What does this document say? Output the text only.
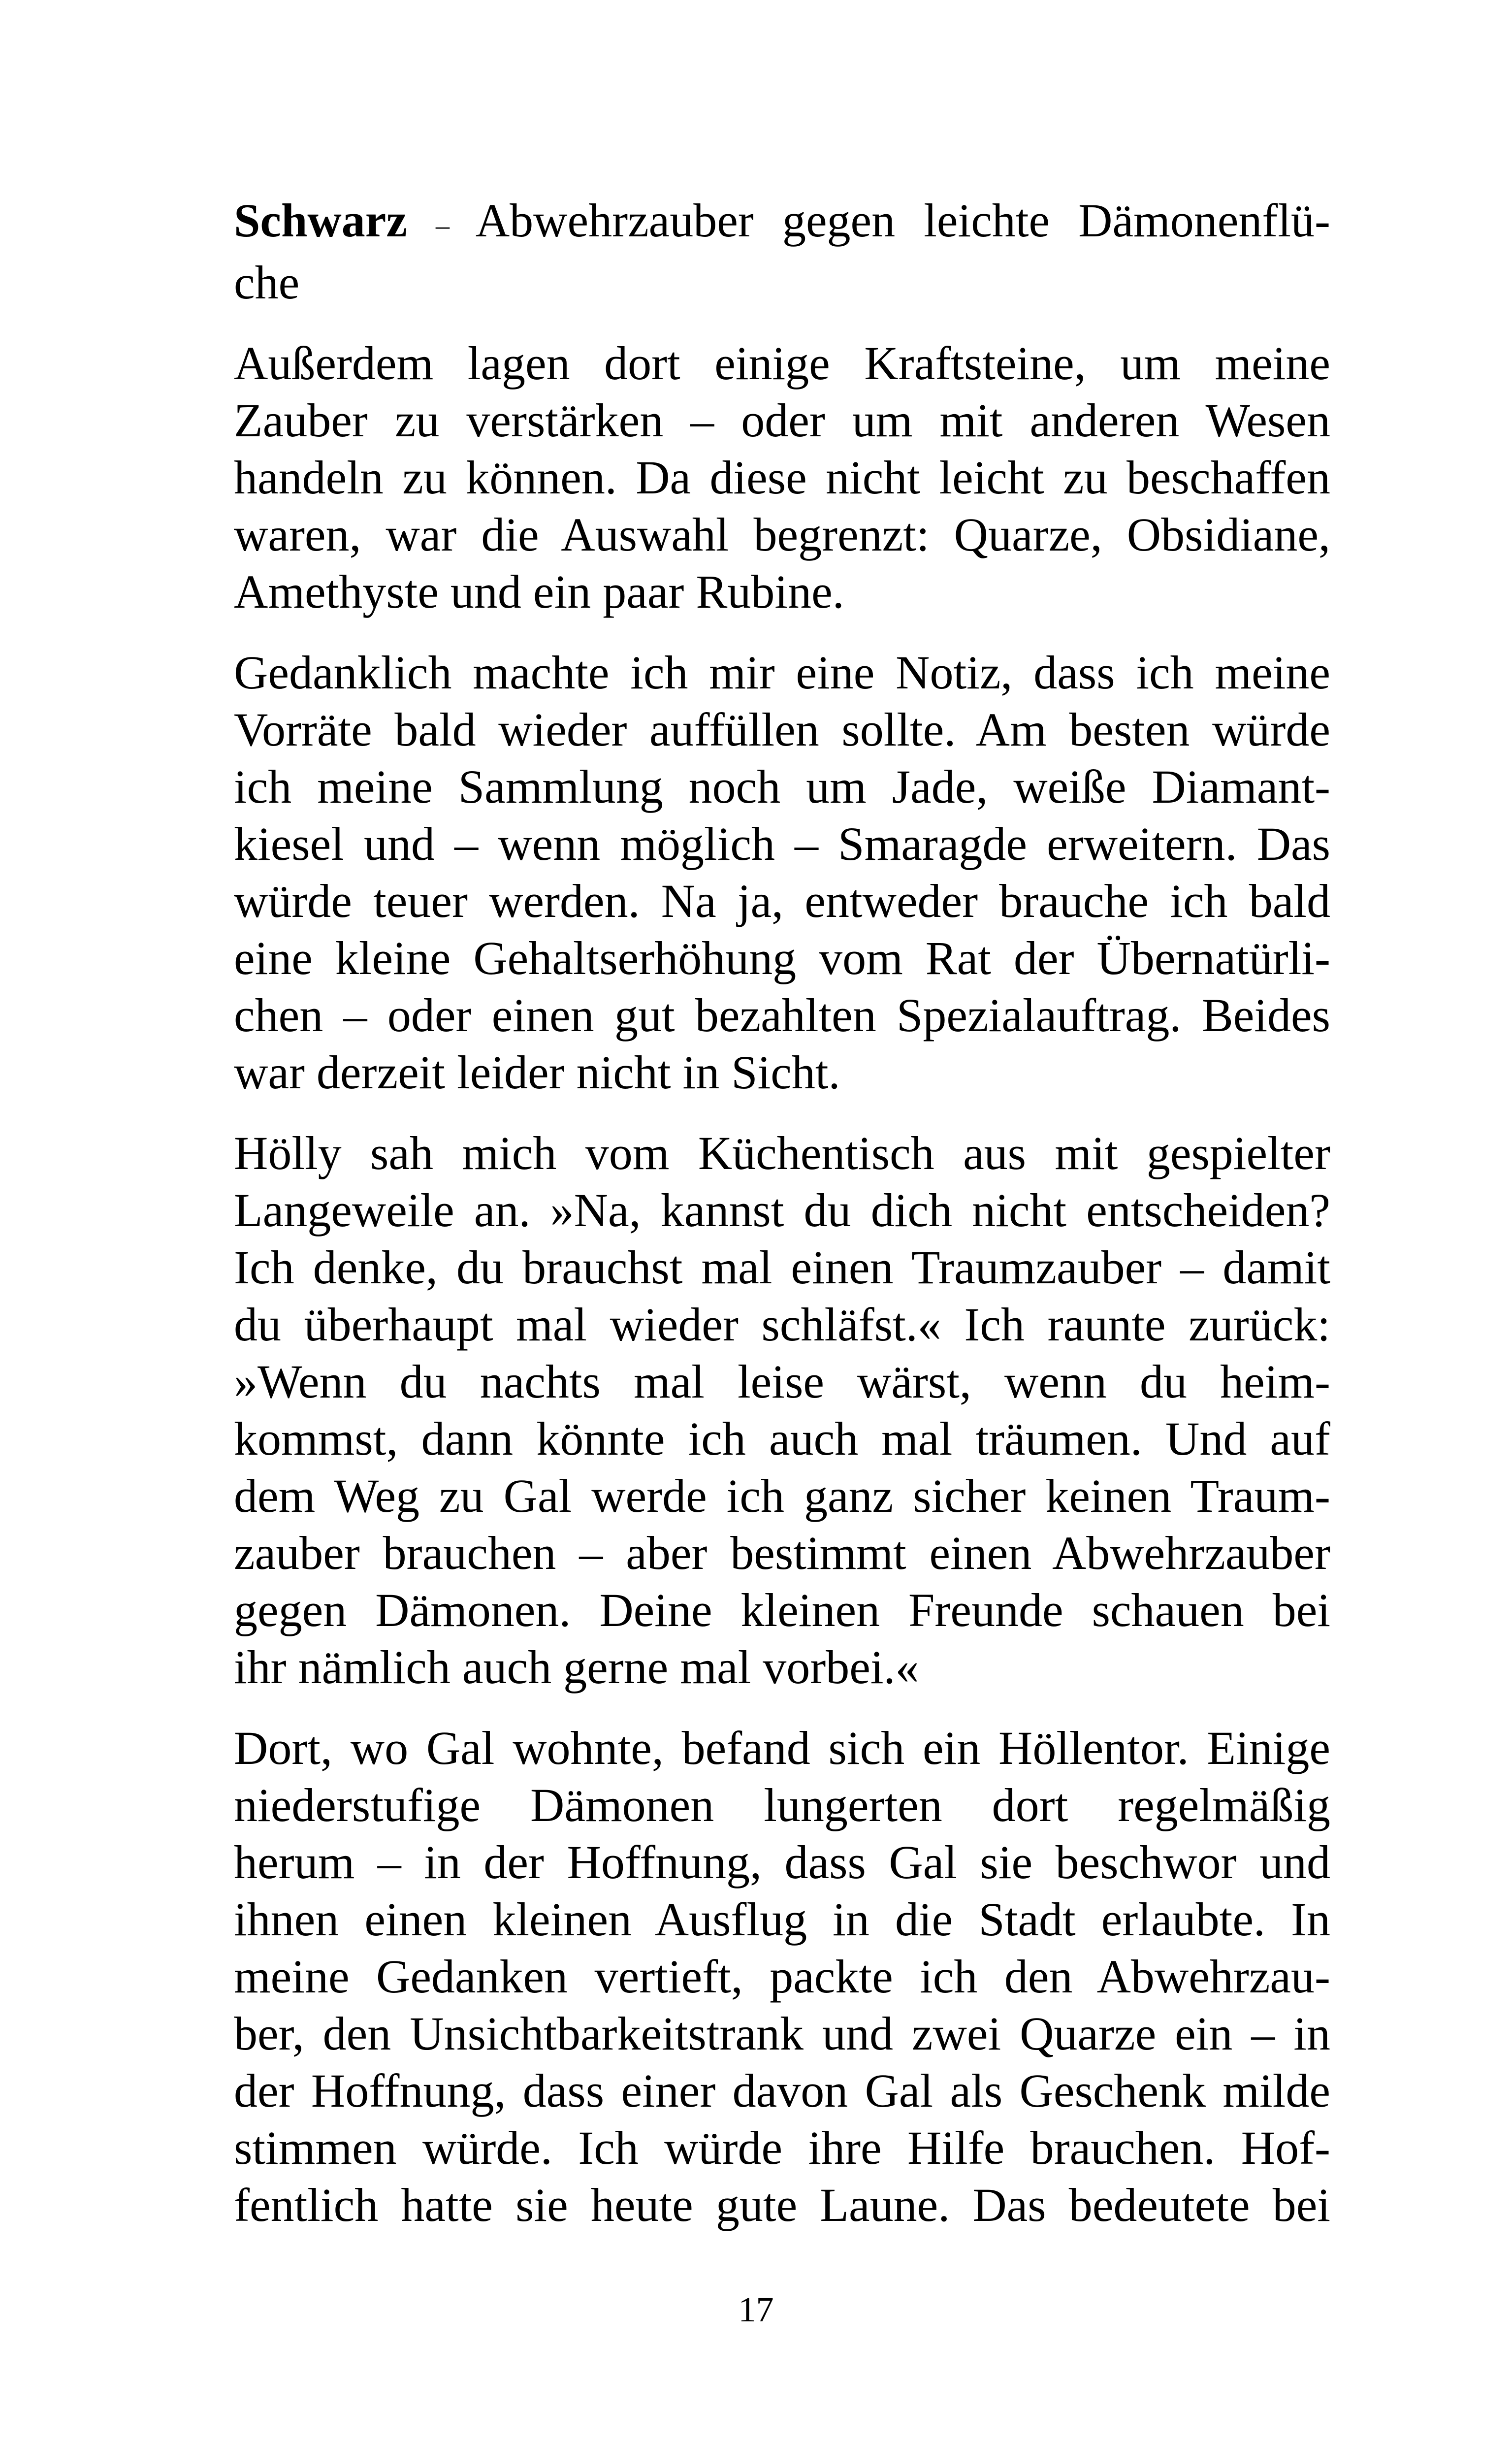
Schwarz – Abwehrzauber gegen leichte Dämonenflü-
che
Außerdem lagen dort einige Kraftsteine, um meine
Zauber zu verstärken – oder um mit anderen Wesen
handeln zu können. Da diese nicht leicht zu beschaffen
waren, war die Auswahl begrenzt: Quarze, Obsidiane,
Amethyste und ein paar Rubine.
Gedanklich machte ich mir eine Notiz, dass ich meine
Vorräte bald wieder auffüllen sollte. Am besten würde
ich meine Sammlung noch um Jade, weiße Diamant-
kiesel und – wenn möglich – Smaragde erweitern. Das
würde teuer werden. Na ja, entweder brauche ich bald
eine kleine Gehaltserhöhung vom Rat der Übernatürli-
chen – oder einen gut bezahlten Spezialauftrag. Beides
war derzeit leider nicht in Sicht.
Hölly sah mich vom Küchentisch aus mit gespielter
Langeweile an. »Na, kannst du dich nicht entscheiden?
Ich denke, du brauchst mal einen Traumzauber – damit
du überhaupt mal wieder schläfst.« Ich raunte zurück:
»Wenn du nachts mal leise wärst, wenn du heim-
kommst, dann könnte ich auch mal träumen. Und auf
dem Weg zu Gal werde ich ganz sicher keinen Traum-
zauber brauchen – aber bestimmt einen Abwehrzauber
gegen Dämonen. Deine kleinen Freunde schauen bei
ihr nämlich auch gerne mal vorbei.«
Dort, wo Gal wohnte, befand sich ein Höllentor. Einige
niederstufige Dämonen lungerten dort regelmäßig
herum – in der Hoffnung, dass Gal sie beschwor und
ihnen einen kleinen Ausflug in die Stadt erlaubte. In
meine Gedanken vertieft, packte ich den Abwehrzau-
ber, den Unsichtbarkeitstrank und zwei Quarze ein – in
der Hoffnung, dass einer davon Gal als Geschenk milde
stimmen würde. Ich würde ihre Hilfe brauchen. Hof-
fentlich hatte sie heute gute Laune. Das bedeutete bei
17
